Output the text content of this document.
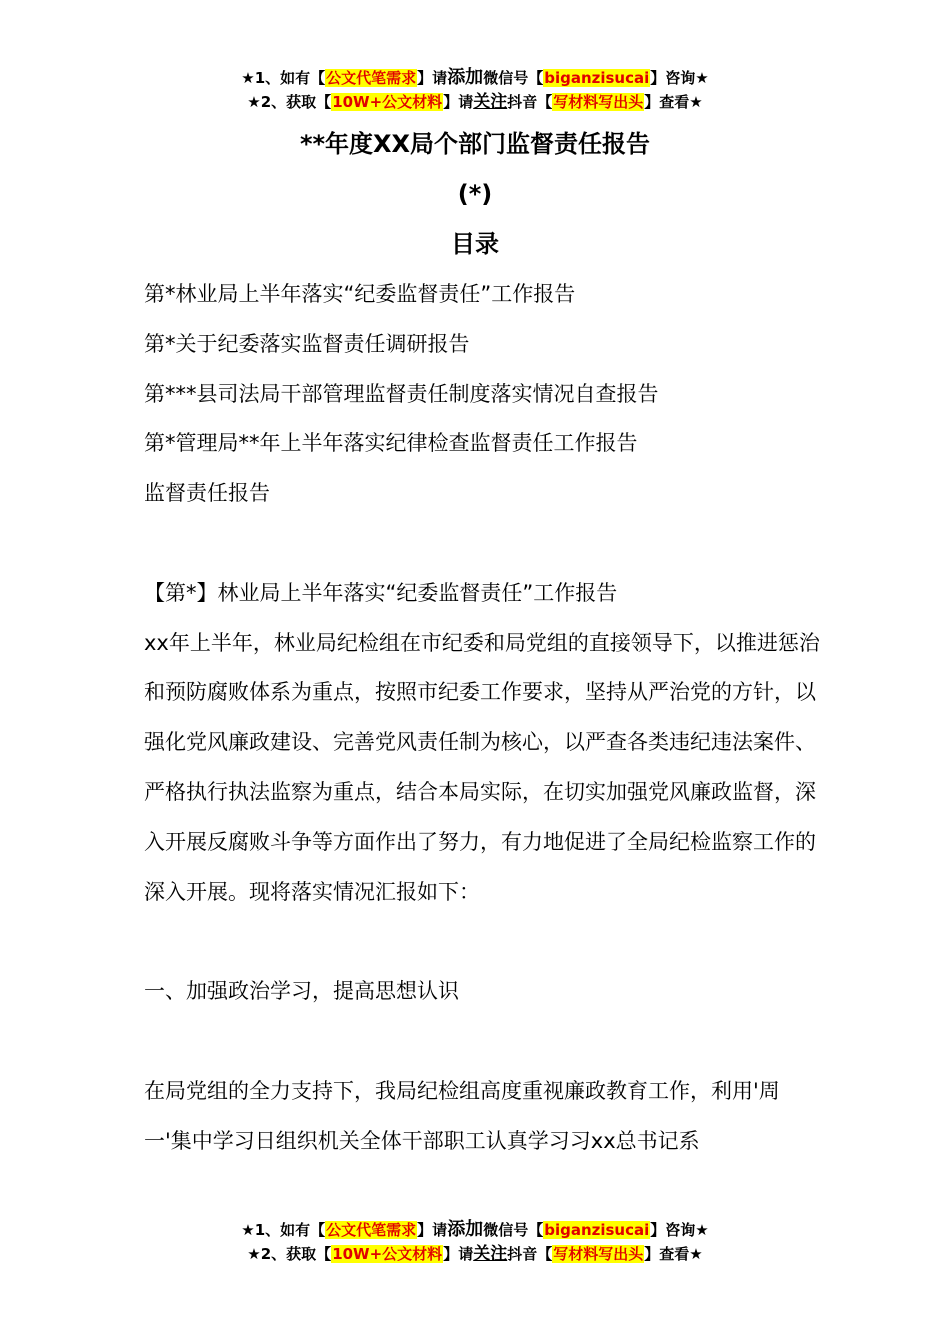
★1、如有【公文代笔需求】请添加微信号【biganzisucai】咨询★
★2、获取【10W+公文材料】请关注抖音【写材料写出头】查看★
**年度XX局个部门监督责任报告
(*)
目录

第*林业局上半年落实“纪委监督责任”工作报告

第*关于纪委落实监督责任调研报告

第***县司法局干部管理监督责任制度落实情况自查报告

第*管理局**年上半年落实纪律检查监督责任工作报告

监督责任报告

【第*】林业局上半年落实“纪委监督责任”工作报告

xx年上半年，林业局纪检组在市纪委和局党组的直接领导下，以推进惩治和预防腐败体系为重点，按照市纪委工作要求，坚持从严治党的方针，以强化党风廉政建设、完善党风责任制为核心，以严查各类违纪违法案件、严格执行执法监察为重点，结合本局实际，在切实加强党风廉政监督，深入开展反腐败斗争等方面作出了努力，有力地促进了全局纪检监察工作的深入开展。现将落实情况汇报如下：

一、加强政治学习，提高思想认识

在局党组的全力支持下，我局纪检组高度重视廉政教育工作，利用'周一'集中学习日组织机关全体干部职工认真学习习xx总书记系

★1、如有【公文代笔需求】请添加微信号【biganzisucai】咨询★
★2、获取【10W+公文材料】请关注抖音【写材料写出头】查看★
